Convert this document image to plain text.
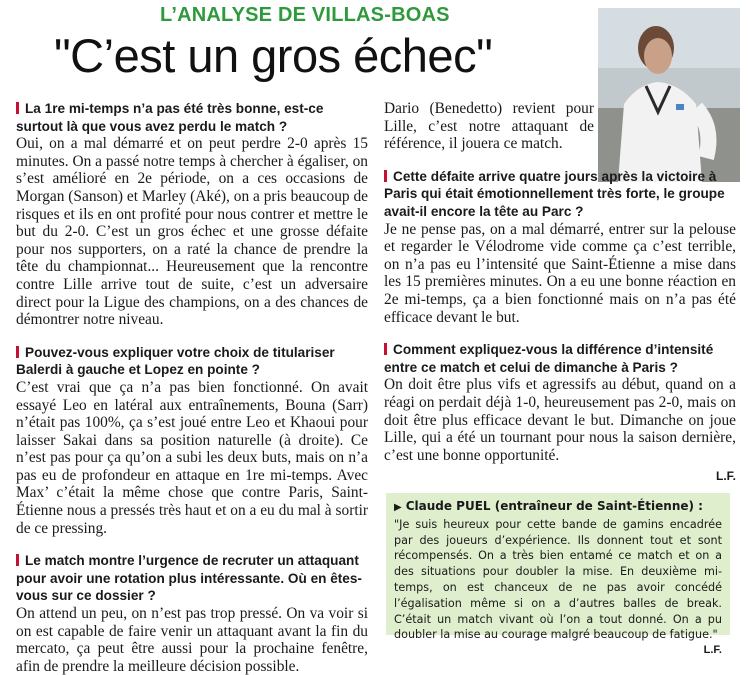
L’ANALYSE DE VILLAS-BOAS
"C’est un gros échec"
La 1re mi-temps n’a pas été très bonne, est-ce surtout là que vous avez perdu le match ?

Oui, on a mal démarré et on peut perdre 2-0 après 15 minutes. On a passé notre temps à chercher à égaliser, on s’est amélioré en 2e période, on a ces occasions de Morgan (Sanson) et Marley (Aké), on a pris beaucoup de risques et ils en ont profité pour nous contrer et mettre le but du 2-0. C’est un gros échec et une grosse défaite pour nos supporters, on a raté la chance de prendre la tête du championnat... Heureusement que la rencontre contre Lille arrive tout de suite, c’est un adversaire direct pour la Ligue des champions, on a des chances de démontrer notre niveau.

Pouvez-vous expliquer votre choix de titulariser Balerdi à gauche et Lopez en pointe ?

C’est vrai que ça n’a pas bien fonctionné. On avait essayé Leo en latéral aux entraînements, Bouna (Sarr) n’était pas 100%, ça s’est joué entre Leo et Khaoui pour laisser Sakai dans sa position naturelle (à droite). Ce n’est pas pour ça qu’on a subi les deux buts, mais on n’a pas eu de profondeur en attaque en 1re mi-temps. Avec Max’ c’était la même chose que contre Paris, Saint-Étienne nous a pressés très haut et on a eu du mal à sortir de ce pressing.

Le match montre l’urgence de recruter un attaquant pour avoir une rotation plus intéressante. Où en êtes-vous sur ce dossier ?

On attend un peu, on n’est pas trop pressé. On va voir si on est capable de faire venir un attaquant avant la fin du mercato, ça peut être aussi pour la prochaine fenêtre, afin de prendre la meilleure décision possible.

Dario (Benedetto) revient pour Lille, c’est notre attaquant de référence, il jouera ce match.

Cette défaite arrive quatre jours après la victoire à Paris qui était émotionnellement très forte, le groupe avait-il encore la tête au Parc ?

Je ne pense pas, on a mal démarré, entrer sur la pelouse et regarder le Vélodrome vide comme ça c’est terrible, on n’a pas eu l’intensité que Saint-Étienne a mise dans les 15 premières minutes. On a eu une bonne réaction en 2e mi-temps, ça a bien fonctionné mais on n’a pas été efficace devant le but.

Comment expliquez-vous la différence d’intensité entre ce match et celui de dimanche à Paris ?

On doit être plus vifs et agressifs au début, quand on a réagi on perdait déjà 1-0, heureusement pas 2-0, mais on doit être plus efficace devant le but. Dimanche on joue Lille, qui a été un tournant pour nous la saison dernière, c’est une bonne opportunité.

L.F.
▶ Claude PUEL (entraîneur de Saint-Étienne) :

"Je suis heureux pour cette bande de gamins encadrée par des joueurs d’expérience. Ils donnent tout et sont récompensés. On a très bien entamé ce match et on a des situations pour doubler la mise. En deuxième mi-temps, on est chanceux de ne pas avoir concédé l’égalisation même si on a d’autres balles de break. C’était un match vivant où l’on a tout donné. On a pu doubler la mise au courage malgré beaucoup de fatigue."

L.F.
